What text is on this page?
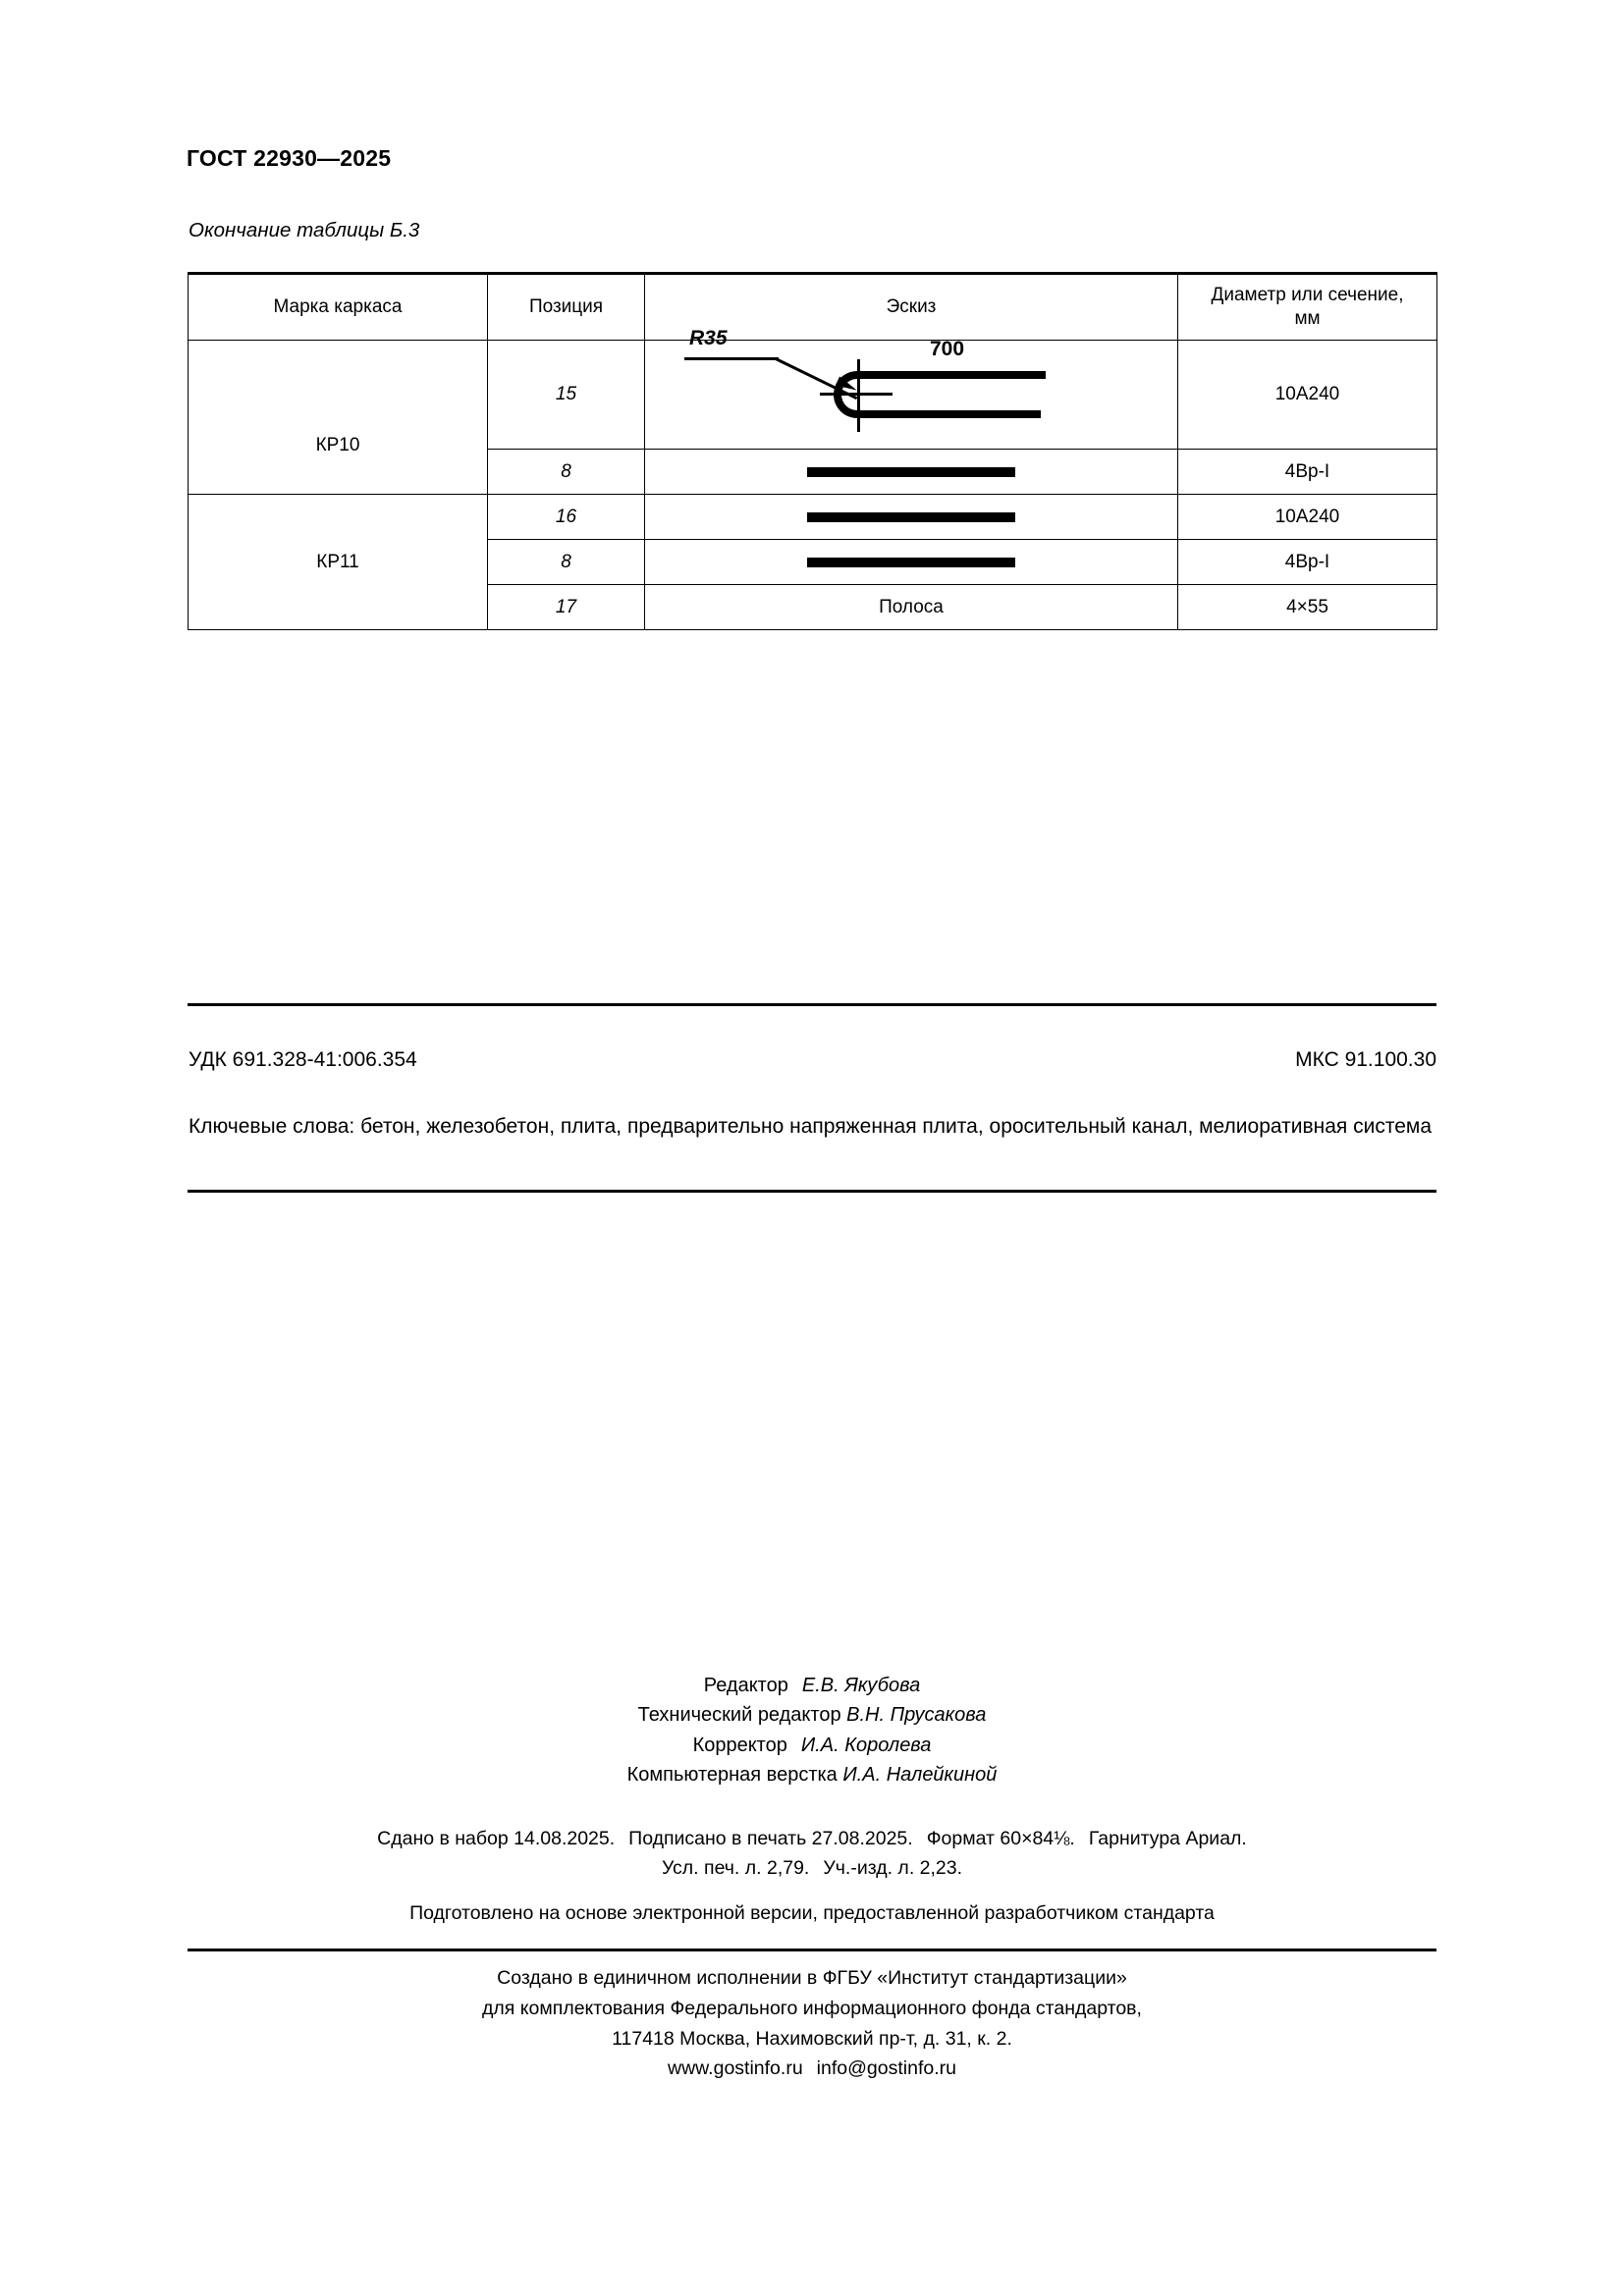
ГОСТ 22930—2025
Окончание таблицы Б.3
Марка каркаса	Позиция	Эскиз	Диаметр или сечение,
мм
КР10	15	R35 700	10А240
	8		4Вр-I
КР11	16		10А240
	8		4Вр-I
	17	Полоса	4×55
УДК 691.328-41:006.354	МКС 91.100.30
Ключевые слова: бетон, железобетон, плита, предварительно напряженная плита, оросительный канал, мелиоративная система
Редактор Е.В. Якубова
Технический редактор В.Н. Прусакова
Корректор И.А. Королева
Компьютерная верстка И.А. Налейкиной
Сдано в набор 14.08.2025. Подписано в печать 27.08.2025. Формат 60×84⅛. Гарнитура Ариал.
Усл. печ. л. 2,79. Уч.-изд. л. 2,23.
Подготовлено на основе электронной версии, предоставленной разработчиком стандарта
Создано в единичном исполнении в ФГБУ «Институт стандартизации»
для комплектования Федерального информационного фонда стандартов,
117418 Москва, Нахимовский пр-т, д. 31, к. 2.
www.gostinfo.ru info@gostinfo.ru
